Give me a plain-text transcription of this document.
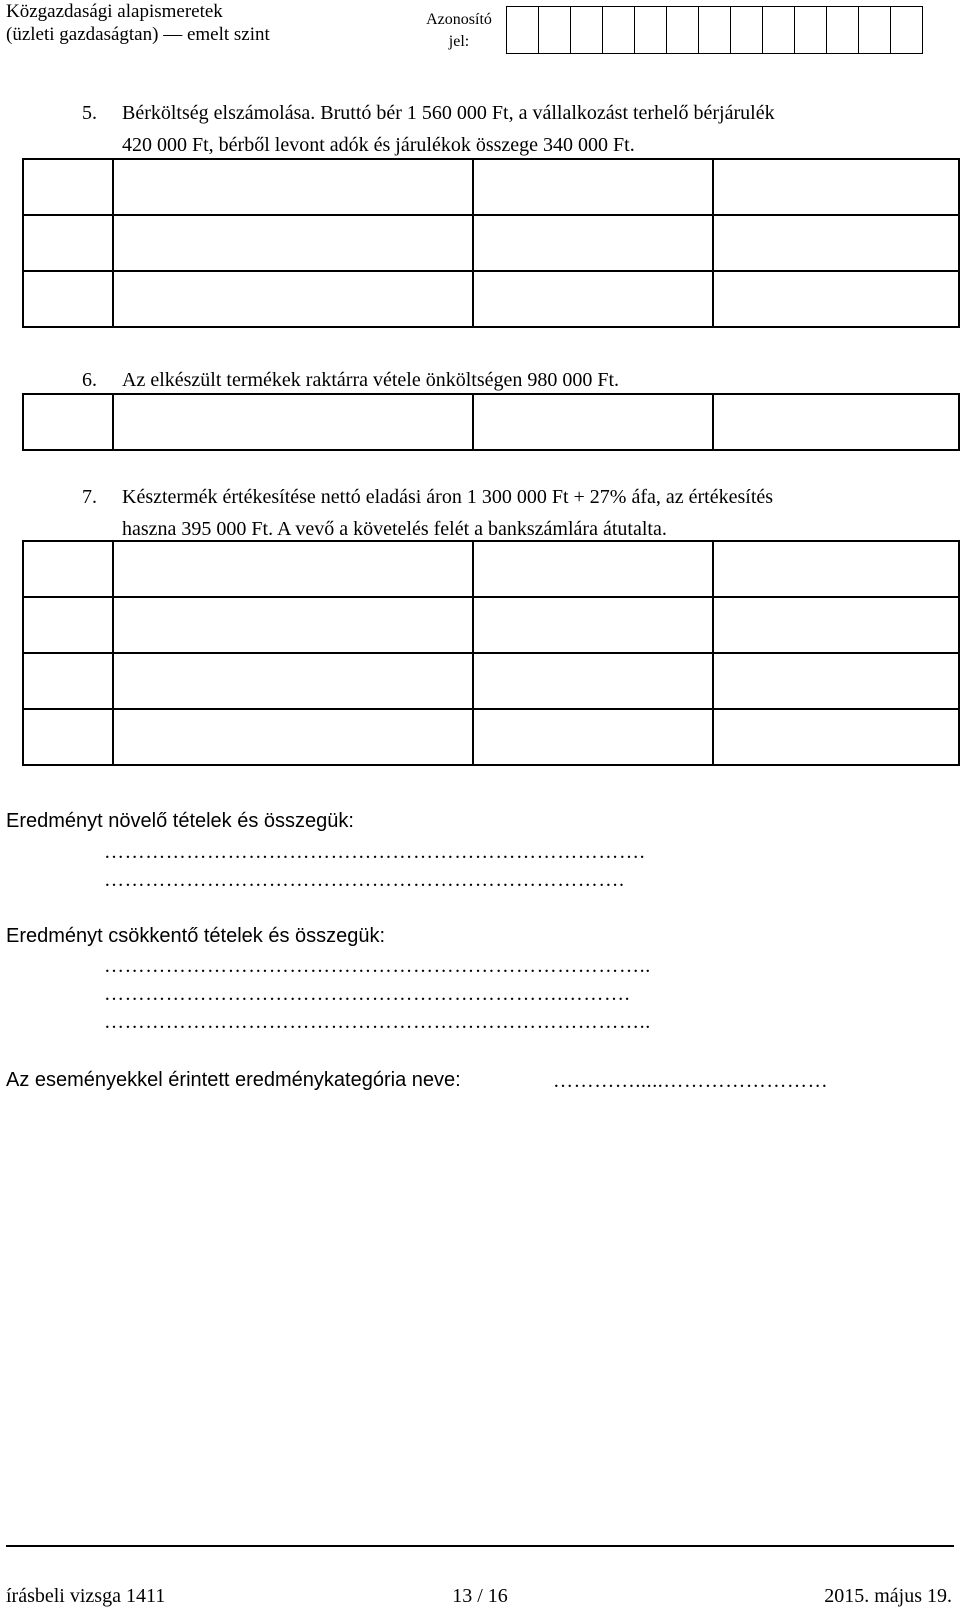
Közgazdasági alapismeretek
(üzleti gazdaságtan) — emelt szint
Azonosító
jel:
5. Bérköltség elszámolása. Bruttó bér 1 560 000 Ft, a vállalkozást terhelő bérjárulék
420 000 Ft, bérből levont adók és járulékok összege 340 000 Ft.

6. Az elkészült termékek raktárra vétele önköltségen 980 000 Ft.

7. Késztermék értékesítése nettó eladási áron 1 300 000 Ft + 27% áfa, az értékesítés
haszna 395 000 Ft. A vevő a követelés felét a bankszámlára átutalta.

Eredményt növelő tételek és összegük:
…………………………………………………………………….
………………………………………………………………….
Eredményt csökkentő tételek és összegük:
……………………………………………………………………..
………………………………………………………….……….
……………………………………………………………………..
Az eseményekkel érintett eredménykategória neve:	………….....……………………
írásbeli vizsga 1411	13 / 16	2015. május 19.
